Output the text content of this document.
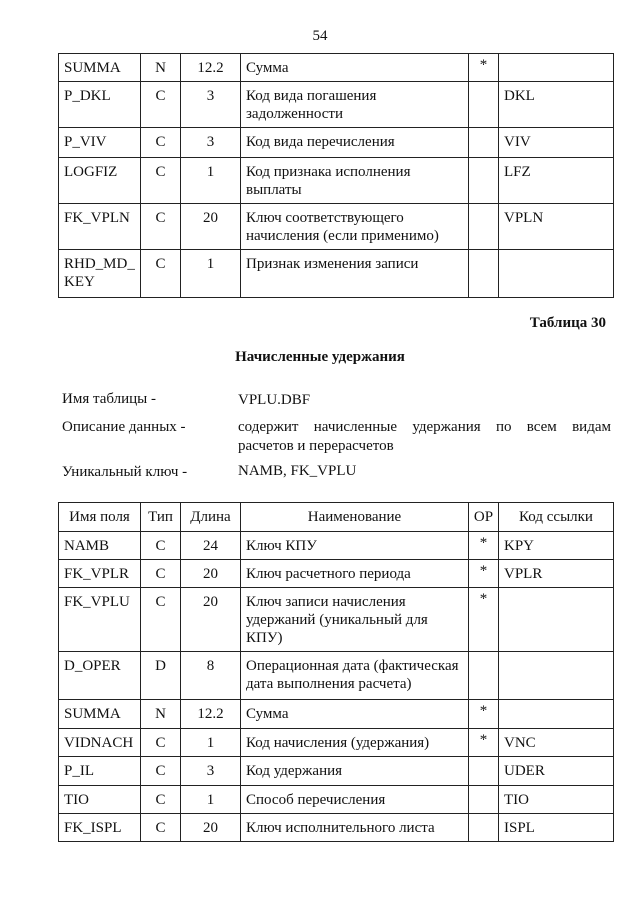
54
SUMMA	N	12.2	Сумма	*	
P_DKL	C	3	Код вида погашения задолженности		DKL
P_VIV	C	3	Код вида перечисления		VIV
LOGFIZ	C	1	Код признака исполнения выплаты		LFZ
FK_VPLN	C	20	Ключ соответствующего начисления (если применимо)		VPLN
RHD_MD_ KEY	C	1	Признак изменения записи		
Таблица 30
Начисленные удержания
Имя таблицы -	VPLU.DBF
Описание данных -	содержит начисленные удержания по всем видам
расчетов и перерасчетов
Уникальный ключ -	NAMB, FK_VPLU
Имя поля	Тип	Длина	Наименование	ОР	Код ссылки
NAMB	C	24	Ключ КПУ	*	KPY
FK_VPLR	C	20	Ключ расчетного периода	*	VPLR
FK_VPLU	C	20	Ключ записи начисления удержаний (уникальный для КПУ)	*	
D_OPER	D	8	Операционная дата (фактическая дата выполнения расчета)		
SUMMA	N	12.2	Сумма	*	
VIDNACH	C	1	Код начисления (удержания)	*	VNC
P_IL	C	3	Код удержания		UDER
TIO	C	1	Способ перечисления		TIO
FK_ISPL	C	20	Ключ исполнительного листа		ISPL
